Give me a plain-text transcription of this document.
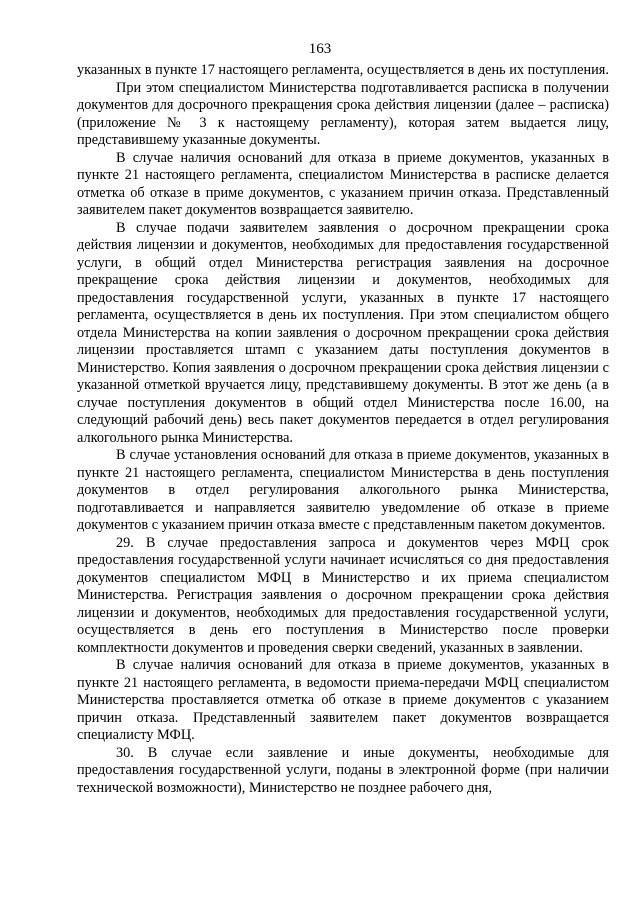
163

указанных в пункте 17 настоящего регламента, осуществляется в день их поступления.

При этом специалистом Министерства подготавливается расписка в получении документов для досрочного прекращения срока действия лицензии (далее – расписка) (приложение № 3 к настоящему регламенту), которая затем выдается лицу, представившему указанные документы.

В случае наличия оснований для отказа в приеме документов, указанных в пункте 21 настоящего регламента, специалистом Министерства в расписке делается отметка об отказе в приме документов, с указанием причин отказа. Представленный заявителем пакет документов возвращается заявителю.

В случае подачи заявителем заявления о досрочном прекращении срока действия лицензии и документов, необходимых для предоставления государственной услуги, в общий отдел Министерства регистрация заявления на досрочное прекращение срока действия лицензии и документов, необходимых для предоставления государственной услуги, указанных в пункте 17 настоящего регламента, осуществляется в день их поступления. При этом специалистом общего отдела Министерства на копии заявления о досрочном прекращении срока действия лицензии проставляется штамп с указанием даты поступления документов в Министерство. Копия заявления о досрочном прекращении срока действия лицензии с указанной отметкой вручается лицу, представившему документы. В этот же день (а в случае поступления документов в общий отдел Министерства после 16.00, на следующий рабочий день) весь пакет документов передается в отдел регулирования алкогольного рынка Министерства.

В случае установления оснований для отказа в приеме документов, указанных в пункте 21 настоящего регламента, специалистом Министерства в день поступления документов в отдел регулирования алкогольного рынка Министерства, подготавливается и направляется заявителю уведомление об отказе в приеме документов с указанием причин отказа вместе с представленным пакетом документов.

29. В случае предоставления запроса и документов через МФЦ срок предоставления государственной услуги начинает исчисляться со дня предоставления документов специалистом МФЦ в Министерство и их приема специалистом Министерства. Регистрация заявления о досрочном прекращении срока действия лицензии и документов, необходимых для предоставления государственной услуги, осуществляется в день его поступления в Министерство после проверки комплектности документов и проведения сверки сведений, указанных в заявлении.

В случае наличия оснований для отказа в приеме документов, указанных в пункте 21 настоящего регламента, в ведомости приема-передачи МФЦ специалистом Министерства проставляется отметка об отказе в приеме документов с указанием причин отказа. Представленный заявителем пакет документов возвращается специалисту МФЦ.

30. В случае если заявление и иные документы, необходимые для предоставления государственной услуги, поданы в электронной форме (при наличии технической возможности), Министерство не позднее рабочего дня,
